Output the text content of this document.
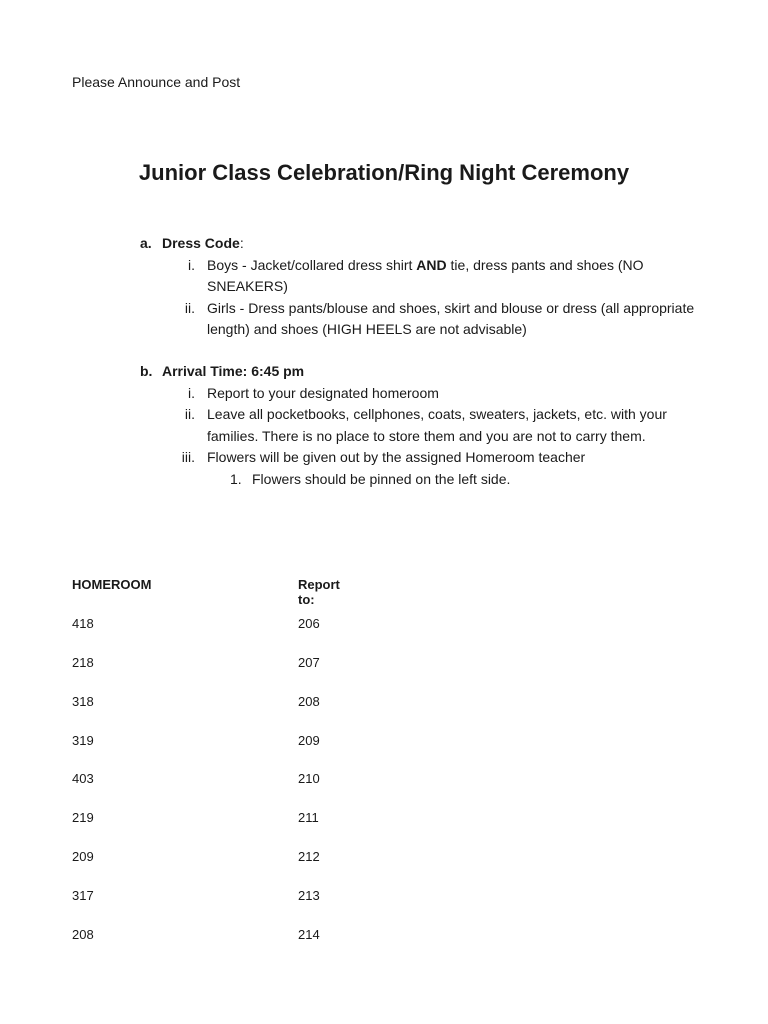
Please Announce and Post
Junior Class Celebration/Ring Night Ceremony
a. Dress Code:
i. Boys - Jacket/collared dress shirt AND tie, dress pants and shoes (NO SNEAKERS)
ii. Girls - Dress pants/blouse and shoes, skirt and blouse or dress (all appropriate length) and shoes (HIGH HEELS are not advisable)
b. Arrival Time: 6:45 pm
i. Report to your designated homeroom
ii. Leave all pocketbooks, cellphones, coats, sweaters, jackets, etc. with your families. There is no place to store them and you are not to carry them.
iii. Flowers will be given out by the assigned Homeroom teacher
1. Flowers should be pinned on the left side.
HOMEROOM	Report to:
418	206
218	207
318	208
319	209
403	210
219	211
209	212
317	213
208	214
